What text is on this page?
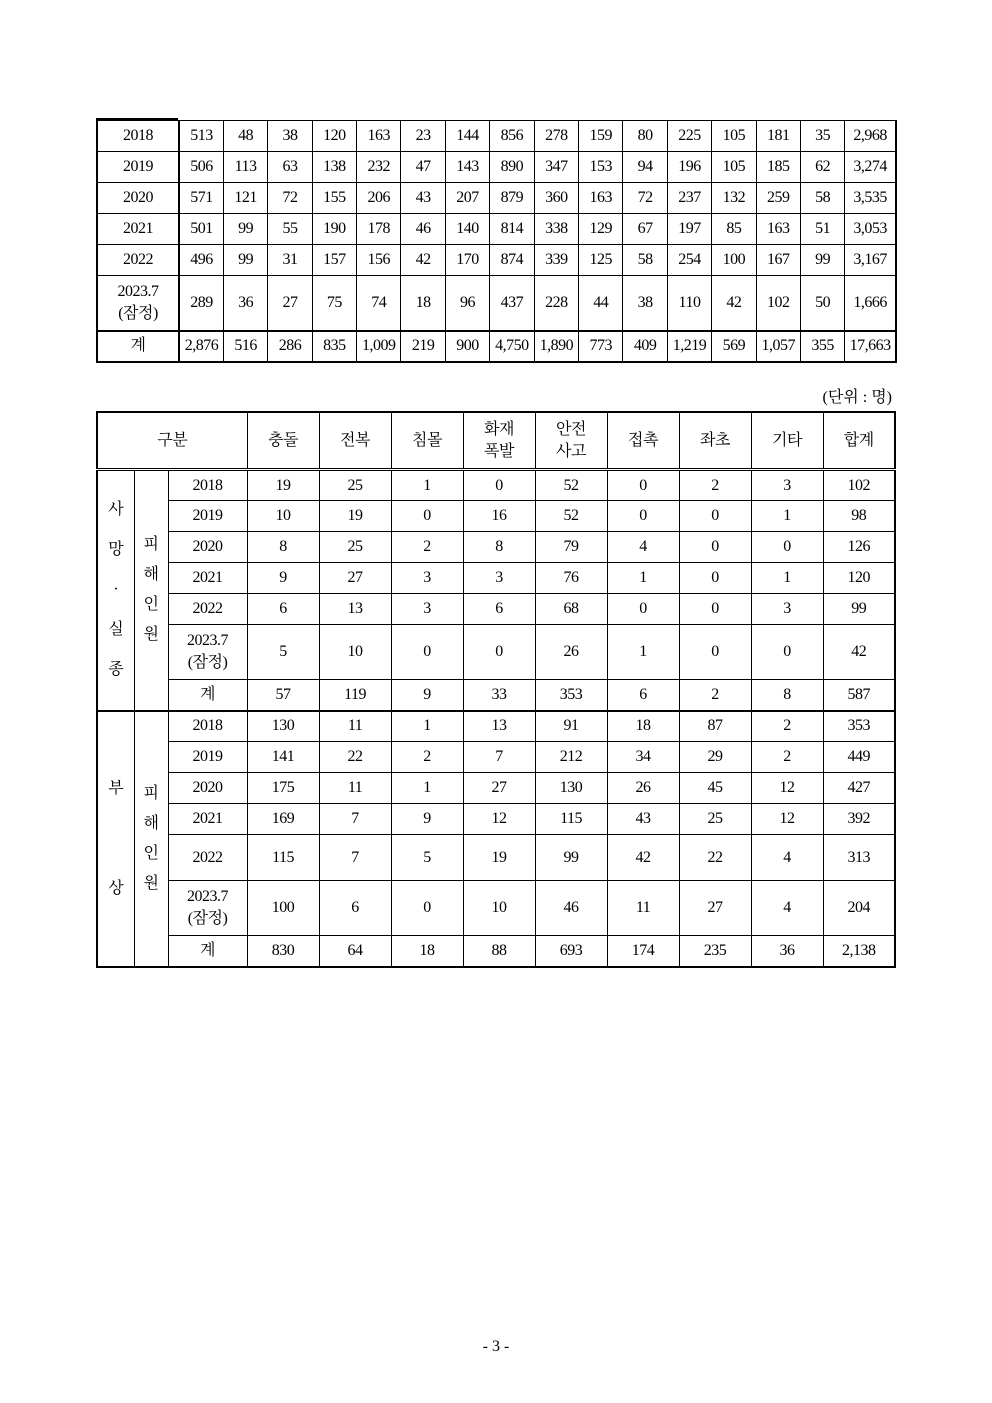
2018	513	48	38	120	163	23	144	856	278	159	80	225	105	181	35	2,968
2019	506	113	63	138	232	47	143	890	347	153	94	196	105	185	62	3,274
2020	571	121	72	155	206	43	207	879	360	163	72	237	132	259	58	3,535
2021	501	99	55	190	178	46	140	814	338	129	67	197	85	163	51	3,053
2022	496	99	31	157	156	42	170	874	339	125	58	254	100	167	99	3,167
2023.7
(잠정)	289	36	27	75	74	18	96	437	228	44	38	110	42	102	50	1,666
계	2,876	516	286	835	1,009	219	900	4,750	1,890	773	409	1,219	569	1,057	355	17,663
(단위 : 명)
구분			충돌	전복	침몰	화재
폭발	안전
사고	접촉	좌초	기타	합계

사
망
·
실
종	피
해
인
원	2018	19	25	1	0	52	0	2	3	102
		2019	10	19	0	16	52	0	0	1	98
		2020	8	25	2	8	79	4	0	0	126
		2021	9	27	3	3	76	1	0	1	120
		2022	6	13	3	6	68	0	0	3	99
		2023.7
(잠정)	5	10	0	0	26	1	0	0	42
		계	57	119	9	33	353	6	2	8	587

부
상	피
해
인
원	2018	130	11	1	13	91	18	87	2	353
		2019	141	22	2	7	212	34	29	2	449
		2020	175	11	1	27	130	26	45	12	427
		2021	169	7	9	12	115	43	25	12	392
		2022	115	7	5	19	99	42	22	4	313
		2023.7
(잠정)	100	6	0	10	46	11	27	4	204
		계	830	64	18	88	693	174	235	36	2,138
- 3 -
